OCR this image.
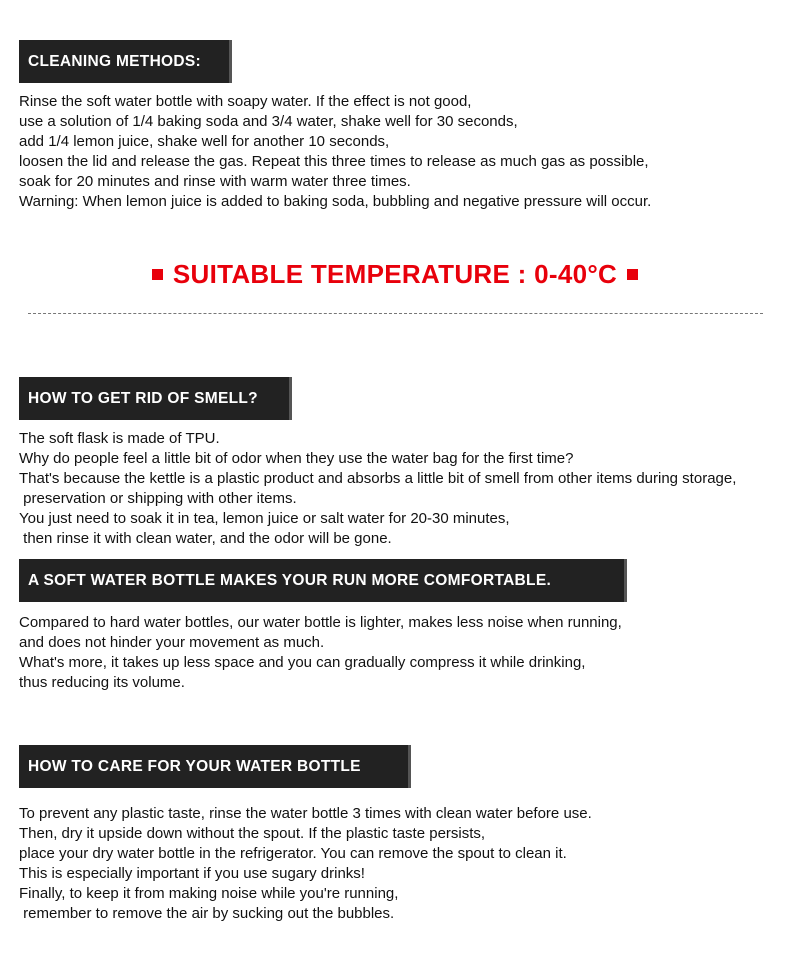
CLEANING METHODS:
Rinse the soft water bottle with soapy water. If the effect is not good,
use a solution of 1/4 baking soda and 3/4 water, shake well for 30 seconds,
add 1/4 lemon juice, shake well for another 10 seconds,
loosen the lid and release the gas. Repeat this three times to release as much gas as possible,
soak for 20 minutes and rinse with warm water three times.
Warning: When lemon juice is added to baking soda, bubbling and negative pressure will occur.
SUITABLE TEMPERATURE : 0-40°C
HOW TO GET RID OF SMELL?
The soft flask is made of TPU.
Why do people feel a little bit of odor when they use the water bag for the first time?
That's because the kettle is a plastic product and absorbs a little bit of smell from other items during storage,
preservation or shipping with other items.
You just need to soak it in tea, lemon juice or salt water for 20-30 minutes,
then rinse it with clean water, and the odor will be gone.
A SOFT WATER BOTTLE MAKES YOUR RUN MORE COMFORTABLE.
Compared to hard water bottles, our water bottle is lighter, makes less noise when running,
and does not hinder your movement as much.
What's more, it takes up less space and you can gradually compress it while drinking,
thus reducing its volume.
HOW TO CARE FOR YOUR WATER BOTTLE
To prevent any plastic taste, rinse the water bottle 3 times with clean water before use.
Then, dry it upside down without the spout. If the plastic taste persists,
place your dry water bottle in the refrigerator. You can remove the spout to clean it.
This is especially important if you use sugary drinks!
Finally, to keep it from making noise while you're running,
remember to remove the air by sucking out the bubbles.
